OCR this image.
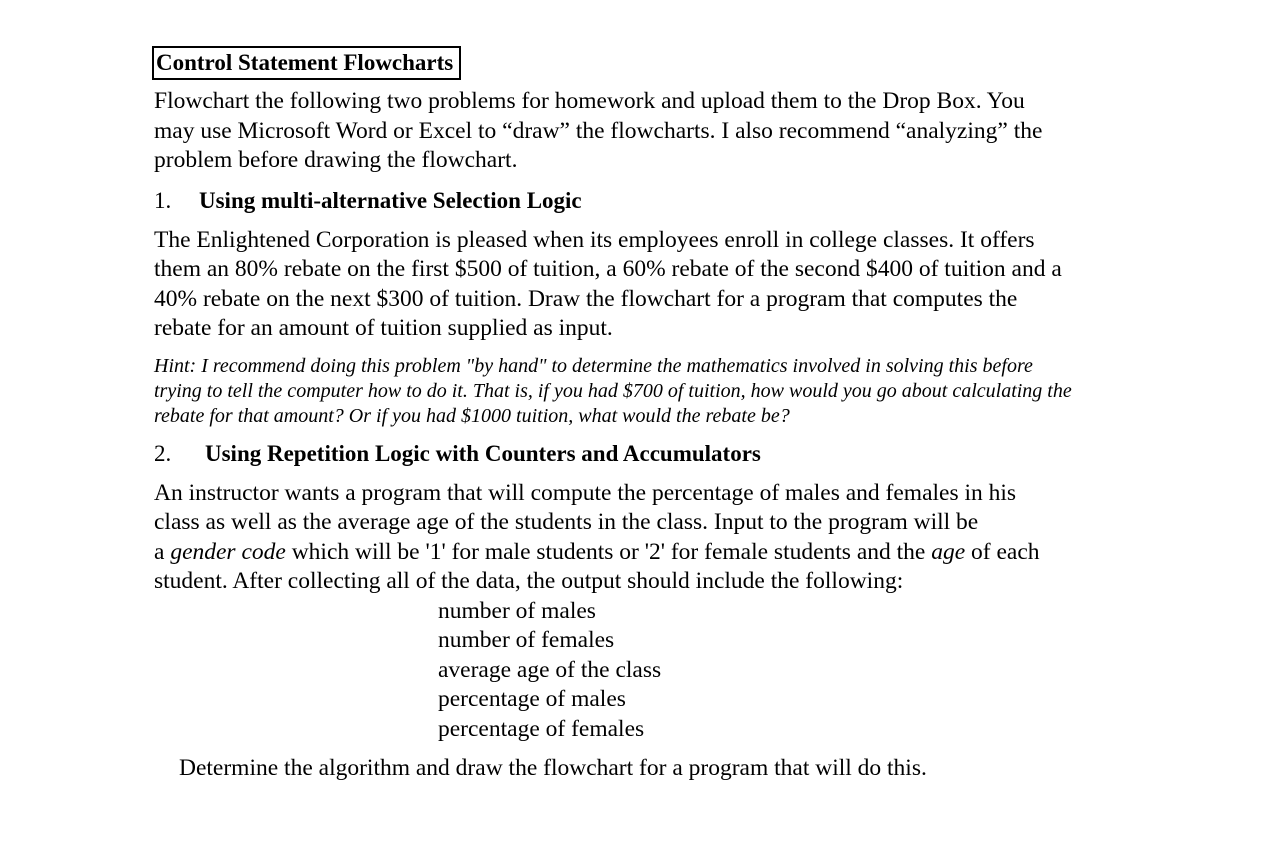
Control Statement Flowcharts
Flowchart the following two problems for homework and upload them to the Drop Box. You
may use Microsoft Word or Excel to “draw” the flowcharts. I also recommend “analyzing” the
problem before drawing the flowchart.
1.	Using multi-alternative Selection Logic
The Enlightened Corporation is pleased when its employees enroll in college classes. It offers
them an 80% rebate on the first $500 of tuition, a 60% rebate of the second $400 of tuition and a
40% rebate on the next $300 of tuition. Draw the flowchart for a program that computes the
rebate for an amount of tuition supplied as input.
Hint: I recommend doing this problem "by hand" to determine the mathematics involved in solving this before
trying to tell the computer how to do it. That is, if you had $700 of tuition, how would you go about calculating the
rebate for that amount? Or if you had $1000 tuition, what would the rebate be?
2.	Using Repetition Logic with Counters and Accumulators
An instructor wants a program that will compute the percentage of males and females in his
class as well as the average age of the students in the class. Input to the program will be
a gender code which will be '1' for male students or '2' for female students and the age of each
student. After collecting all of the data, the output should include the following:
number of males
number of females
average age of the class
percentage of males
percentage of females
Determine the algorithm and draw the flowchart for a program that will do this.
